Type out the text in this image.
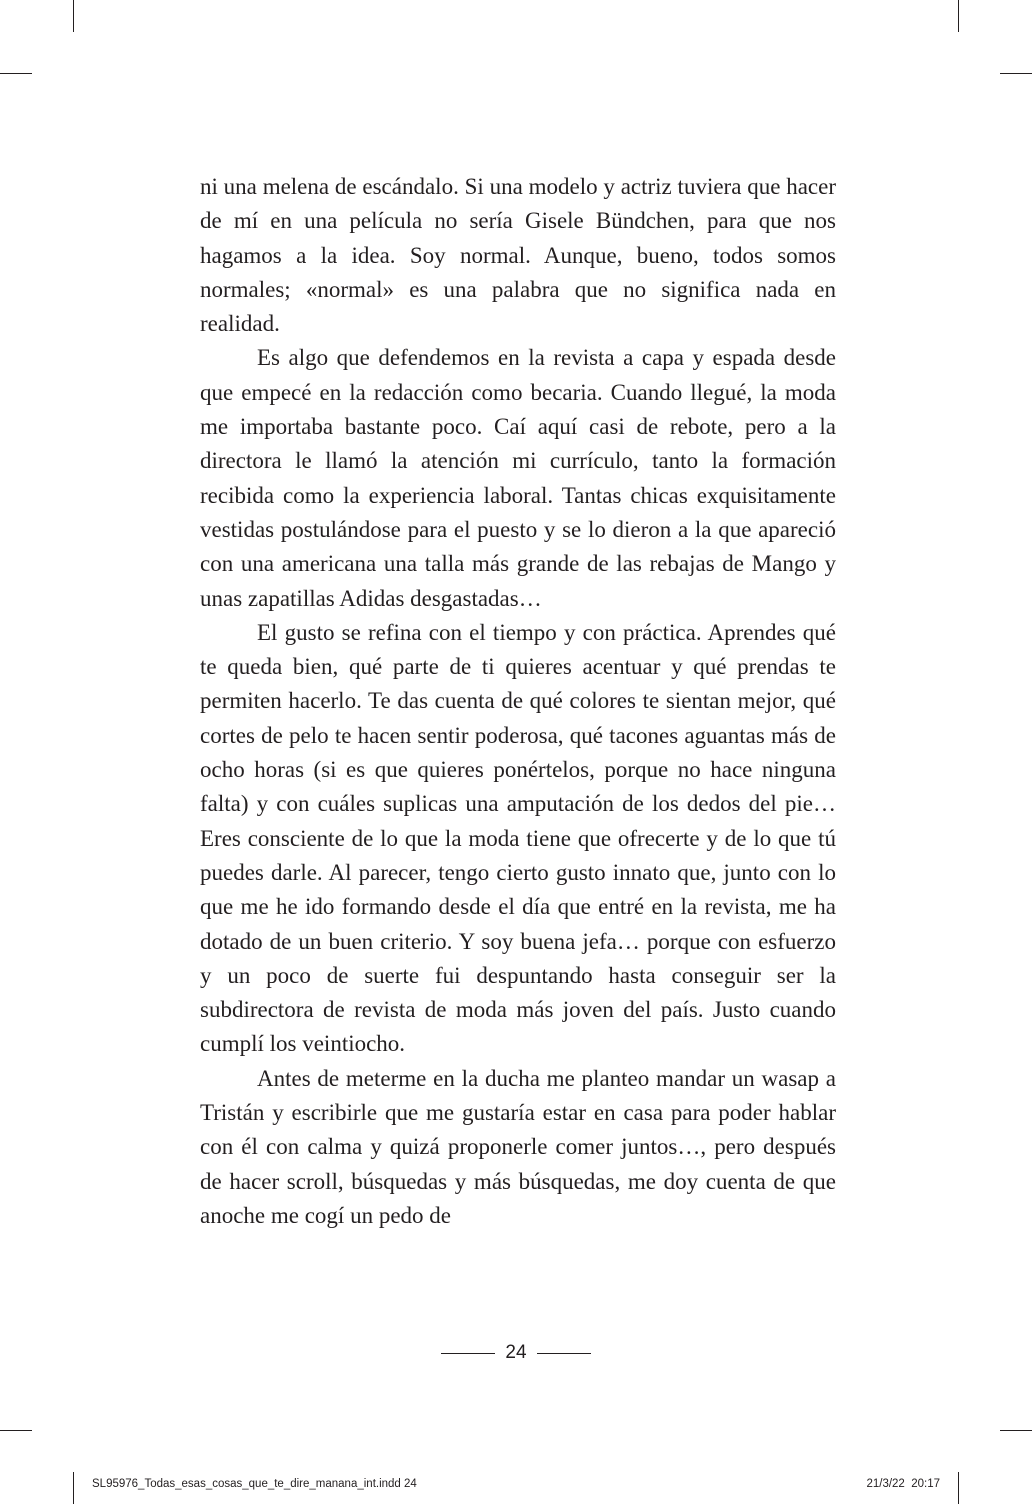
ni una melena de escándalo. Si una modelo y actriz tuviera que hacer de mí en una película no sería Gisele Bündchen, para que nos hagamos a la idea. Soy normal. Aunque, bueno, todos somos normales; «normal» es una palabra que no significa nada en realidad.

Es algo que defendemos en la revista a capa y espada desde que empecé en la redacción como becaria. Cuando llegué, la moda me importaba bastante poco. Caí aquí casi de rebote, pero a la directora le llamó la atención mi currículo, tanto la formación recibida como la experiencia laboral. Tantas chicas exquisitamente vestidas postulándose para el puesto y se lo dieron a la que apareció con una americana una talla más grande de las rebajas de Mango y unas zapatillas Adidas desgastadas…

El gusto se refina con el tiempo y con práctica. Aprendes qué te queda bien, qué parte de ti quieres acentuar y qué prendas te permiten hacerlo. Te das cuenta de qué colores te sientan mejor, qué cortes de pelo te hacen sentir poderosa, qué tacones aguantas más de ocho horas (si es que quieres ponértelos, porque no hace ninguna falta) y con cuáles suplicas una amputación de los dedos del pie… Eres consciente de lo que la moda tiene que ofrecerte y de lo que tú puedes darle. Al parecer, tengo cierto gusto innato que, junto con lo que me he ido formando desde el día que entré en la revista, me ha dotado de un buen criterio. Y soy buena jefa… porque con esfuerzo y un poco de suerte fui despuntando hasta conseguir ser la subdirectora de revista de moda más joven del país. Justo cuando cumplí los veintiocho.

Antes de meterme en la ducha me planteo mandar un wasap a Tristán y escribirle que me gustaría estar en casa para poder hablar con él con calma y quizá proponerle comer juntos…, pero después de hacer scroll, búsquedas y más búsquedas, me doy cuenta de que anoche me cogí un pedo de

24
SL95976_Todas_esas_cosas_que_te_dire_manana_int.indd 24	21/3/22 20:17
